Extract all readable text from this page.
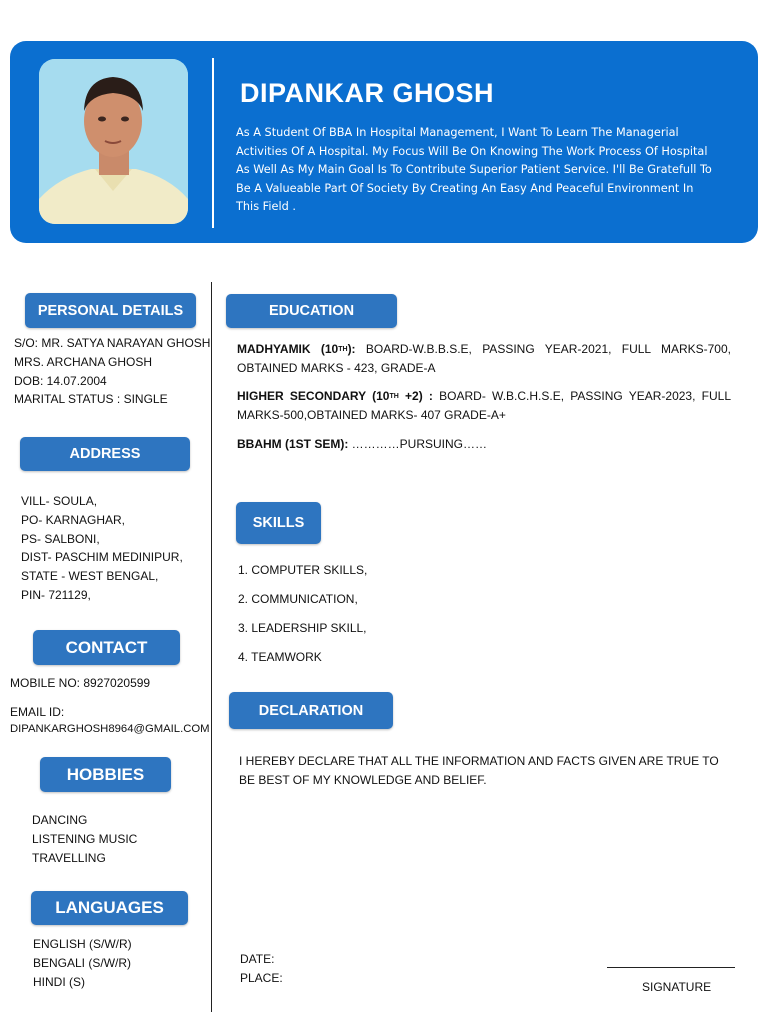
DIPANKAR GHOSH
As A Student Of BBA In Hospital Management, I Want To Learn The Managerial Activities Of A Hospital. My Focus Will Be On Knowing The Work Process Of Hospital As Well As My Main Goal Is To Contribute Superior Patient Service. I'll Be Gratefull To Be A Valueable Part Of Society By Creating An Easy And Peaceful Environment In This Field .
PERSONAL DETAILS
S/O: MR. SATYA NARAYAN GHOSH
MRS. ARCHANA GHOSH
DOB: 14.07.2004
MARITAL STATUS : SINGLE
ADDRESS
VILL- SOULA,
PO- KARNAGHAR,
PS- SALBONI,
DIST- PASCHIM MEDINIPUR,
STATE - WEST BENGAL,
PIN- 721129,
CONTACT
MOBILE NO: 8927020599
EMAIL ID:
DIPANKARGHOSH8964@GMAIL.COM
HOBBIES
DANCING
LISTENING MUSIC
TRAVELLING
LANGUAGES
ENGLISH (S/W/R)
BENGALI (S/W/R)
HINDI (S)
EDUCATION
MADHYAMIK (10TH): BOARD-W.B.B.S.E, PASSING YEAR-2021, FULL MARKS-700, OBTAINED MARKS - 423, GRADE-A
HIGHER SECONDARY (10TH +2) : BOARD- W.B.C.H.S.E, PASSING YEAR-2023, FULL MARKS-500,OBTAINED MARKS- 407 GRADE-A+
BBAHM (1ST SEM): …………PURSUING……
SKILLS
1. COMPUTER SKILLS,
2. COMMUNICATION,
3. LEADERSHIP SKILL,
4. TEAMWORK
DECLARATION
I HEREBY DECLARE THAT ALL THE INFORMATION AND FACTS GIVEN ARE TRUE TO BE BEST OF MY KNOWLEDGE AND BELIEF.
DATE:
PLACE:
SIGNATURE
